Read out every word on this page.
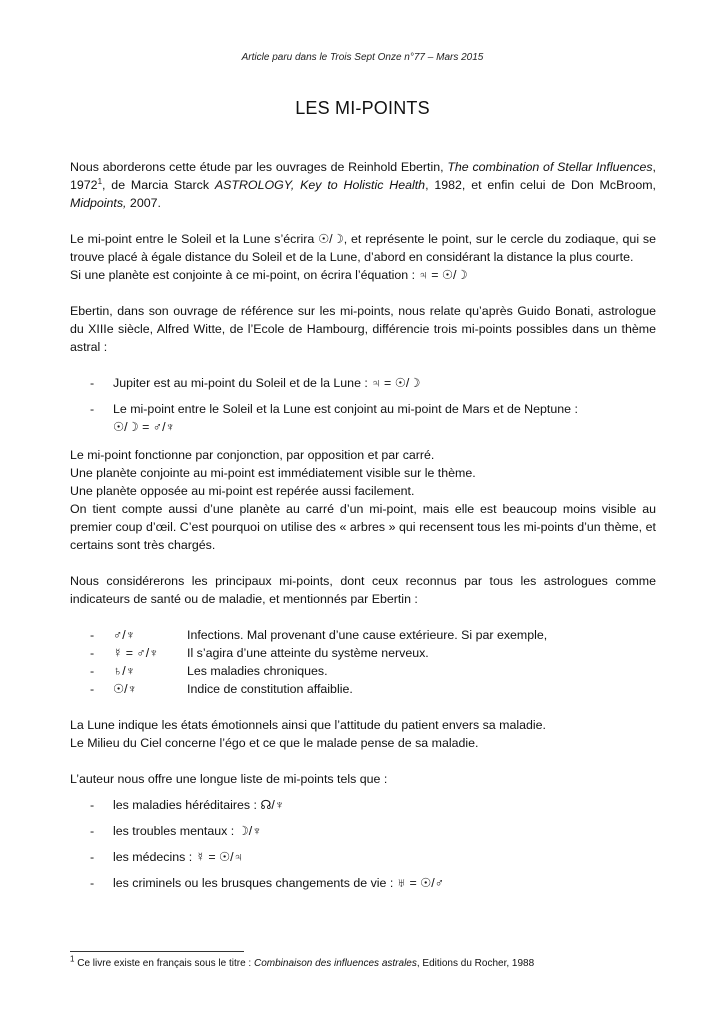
Article paru dans le Trois Sept Onze n°77 – Mars 2015
LES MI-POINTS

Nous aborderons cette étude par les ouvrages de Reinhold Ebertin, The combination of Stellar Influences, 1972$^1$, de Marcia Starck ASTROLOGY, Key to Holistic Health, 1982, et enfin celui de Don McBroom, Midpoints, 2007.

Le mi-point entre le Soleil et la Lune s’écrira ☉/☽, et représente le point, sur le cercle du zodiaque, qui se trouve placé à égale distance du Soleil et de la Lune, d’abord en considérant la distance la plus courte.

Si une planète est conjointe à ce mi-point, on écrira l’équation : ♃ = ☉/☽

Ebertin, dans son ouvrage de référence sur les mi-points, nous relate qu’après Guido Bonati, astrologue du XIIIe siècle, Alfred Witte, de l’Ecole de Hambourg, différencie trois mi-points possibles dans un thème astral :

- Jupiter est au mi-point du Soleil et de la Lune : ♃ = ☉/☽
- Le mi-point entre le Soleil et la Lune est conjoint au mi-point de Mars et de Neptune :
☉/☽ = ♂/♆

Le mi-point fonctionne par conjonction, par opposition et par carré.

Une planète conjointe au mi-point est immédiatement visible sur le thème.

Une planète opposée au mi-point est repérée aussi facilement.

On tient compte aussi d’une planète au carré d’un mi-point, mais elle est beaucoup moins visible au premier coup d’œil. C’est pourquoi on utilise des « arbres » qui recensent tous les mi-points d’un thème, et certains sont très chargés.

Nous considérerons les principaux mi-points, dont ceux reconnus par tous les astrologues comme indicateurs de santé ou de maladie, et mentionnés par Ebertin :

- ♂/♆	Infections. Mal provenant d’une cause extérieure. Si par exemple,
- ☿ = ♂/♆ Il s’agira d’une atteinte du système nerveux.
- ♄/♆	Les maladies chroniques.
- ☉/♆	Indice de constitution affaiblie.

La Lune indique les états émotionnels ainsi que l’attitude du patient envers sa maladie.

Le Milieu du Ciel concerne l’égo et ce que le malade pense de sa maladie.

L’auteur nous offre une longue liste de mi-points tels que :

- les maladies héréditaires : ☊/♆
- les troubles mentaux : ☽/♆
- les médecins : ☿ = ☉/♃
- les criminels ou les brusques changements de vie : ♅ = ☉/♂
$^1$ Ce livre existe en français sous le titre : Combinaison des influences astrales, Editions du Rocher, 1988
